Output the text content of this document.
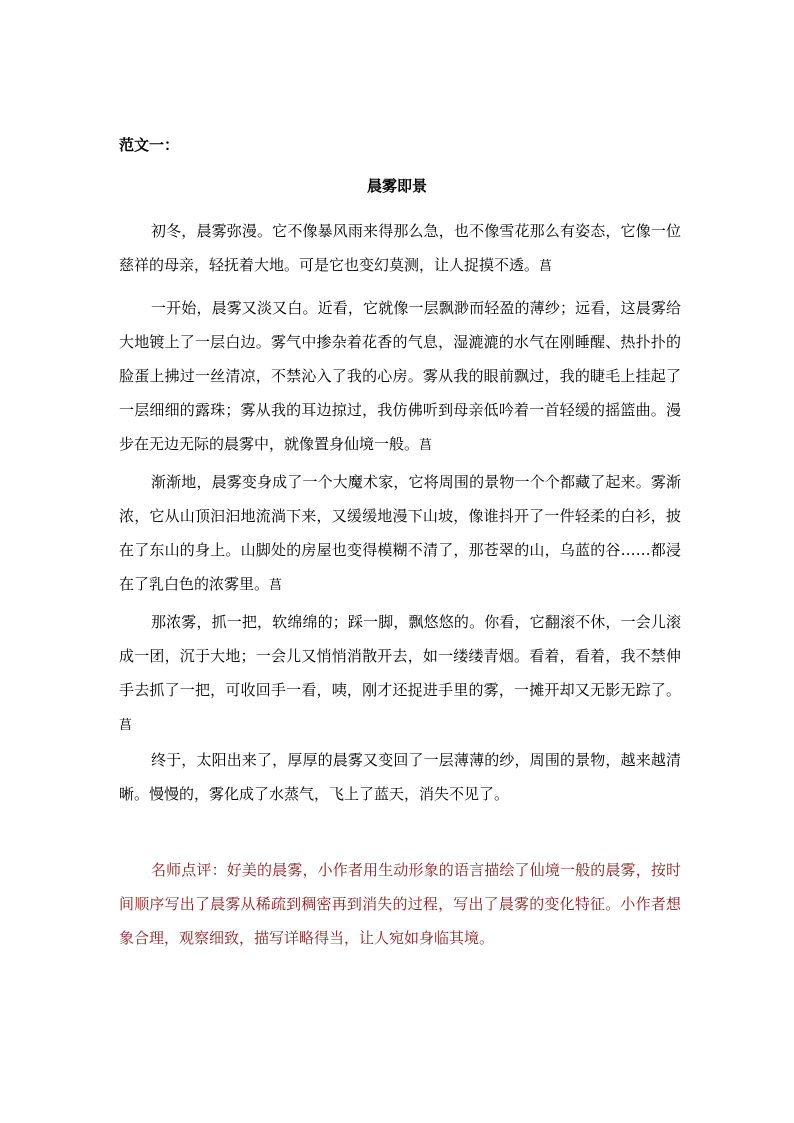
范文一：
晨雾即景

初冬，晨雾弥漫。它不像暴风雨来得那么急，也不像雪花那么有姿态，它像一位慈祥的母亲，轻抚着大地。可是它也变幻莫测，让人捉摸不透。菖

一开始，晨雾又淡又白。近看，它就像一层飘渺而轻盈的薄纱；远看，这晨雾给大地镀上了一层白边。雾气中掺杂着花香的气息，湿漉漉的水气在刚睡醒、热扑扑的脸蛋上拂过一丝清凉，不禁沁入了我的心房。雾从我的眼前飘过，我的睫毛上挂起了一层细细的露珠；雾从我的耳边掠过，我仿佛听到母亲低吟着一首轻缓的摇篮曲。漫步在无边无际的晨雾中，就像置身仙境一般。菖

渐渐地，晨雾变身成了一个大魔术家，它将周围的景物一个个都藏了起来。雾渐浓，它从山顶汩汩地流淌下来，又缓缓地漫下山坡，像谁抖开了一件轻柔的白衫，披在了东山的身上。山脚处的房屋也变得模糊不清了，那苍翠的山，乌蓝的谷……都浸在了乳白色的浓雾里。菖

那浓雾，抓一把，软绵绵的；踩一脚，飘悠悠的。你看，它翻滚不休，一会儿滚成一团，沉于大地；一会儿又悄悄消散开去，如一缕缕青烟。看着，看着，我不禁伸手去抓了一把，可收回手一看，咦，刚才还捉进手里的雾，一摊开却又无影无踪了。菖

终于，太阳出来了，厚厚的晨雾又变回了一层薄薄的纱，周围的景物，越来越清晰。慢慢的，雾化成了水蒸气，飞上了蓝天，消失不见了。

名师点评：好美的晨雾，小作者用生动形象的语言描绘了仙境一般的晨雾，按时间顺序写出了晨雾从稀疏到稠密再到消失的过程，写出了晨雾的变化特征。小作者想象合理，观察细致，描写详略得当，让人宛如身临其境。
